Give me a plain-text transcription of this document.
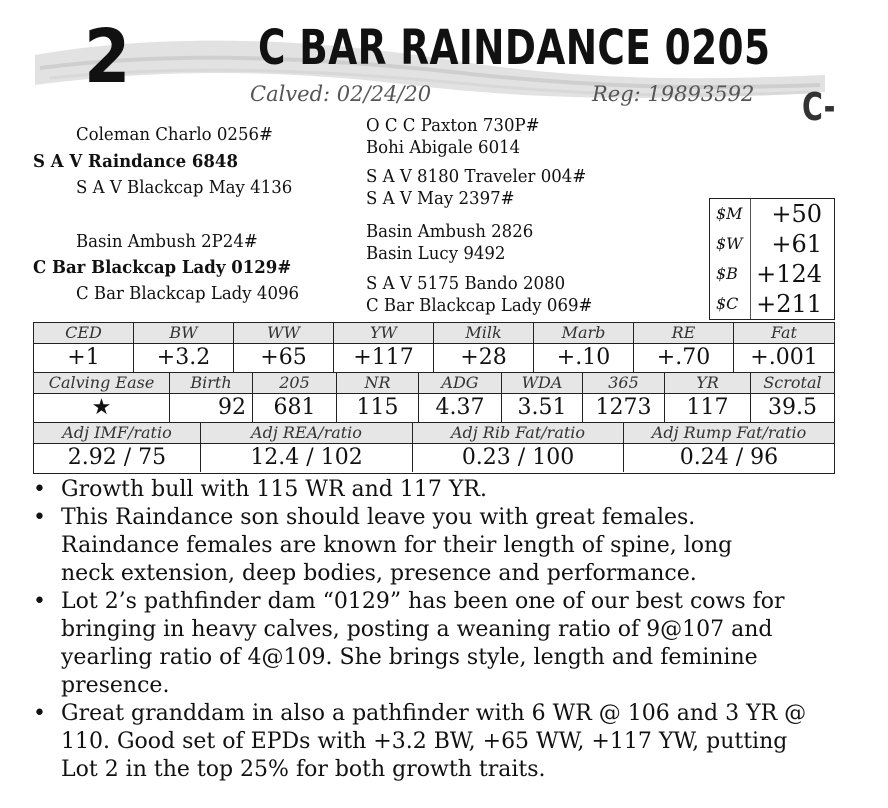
2	C BAR RAINDANCE 0205
Calved: 02/24/20	Reg: 19893592 C-
Coleman Charlo 0256#
S A V Raindance 6848
S A V Blackcap May 4136
O C C Paxton 730P#
Bohi Abigale 6014
S A V 8180 Traveler 004#
S A V May 2397#
Basin Ambush 2P24#
C Bar Blackcap Lady 0129#
C Bar Blackcap Lady 4096
Basin Ambush 2826
Basin Lucy 9492
S A V 5175 Bando 2080
C Bar Blackcap Lady 069#
$M +50
$W +61
$B +124
$C +211
CED	BW	WW	YW	Milk	Marb	RE	Fat
+1	+3.2	+65	+117	+28	+.10	+.70	+.001
Calving Ease	Birth	205	NR	ADG	WDA	365	YR	Scrotal
★	92	681	115	4.37	3.51	1273	117	39.5
Adj IMF/ratio	Adj REA/ratio	Adj Rib Fat/ratio	Adj Rump Fat/ratio
2.92 / 75	12.4 / 102	0.23 / 100	0.24 / 96
• Growth bull with 115 WR and 117 YR.
• This Raindance son should leave you with great females.
Raindance females are known for their length of spine, long
neck extension, deep bodies, presence and performance.
• Lot 2’s pathfinder dam “0129” has been one of our best cows for
bringing in heavy calves, posting a weaning ratio of 9@107 and
yearling ratio of 4@109. She brings style, length and feminine
presence.
• Great granddam in also a pathfinder with 6 WR @ 106 and 3 YR @
110. Good set of EPDs with +3.2 BW, +65 WW, +117 YW, putting
Lot 2 in the top 25% for both growth traits.
